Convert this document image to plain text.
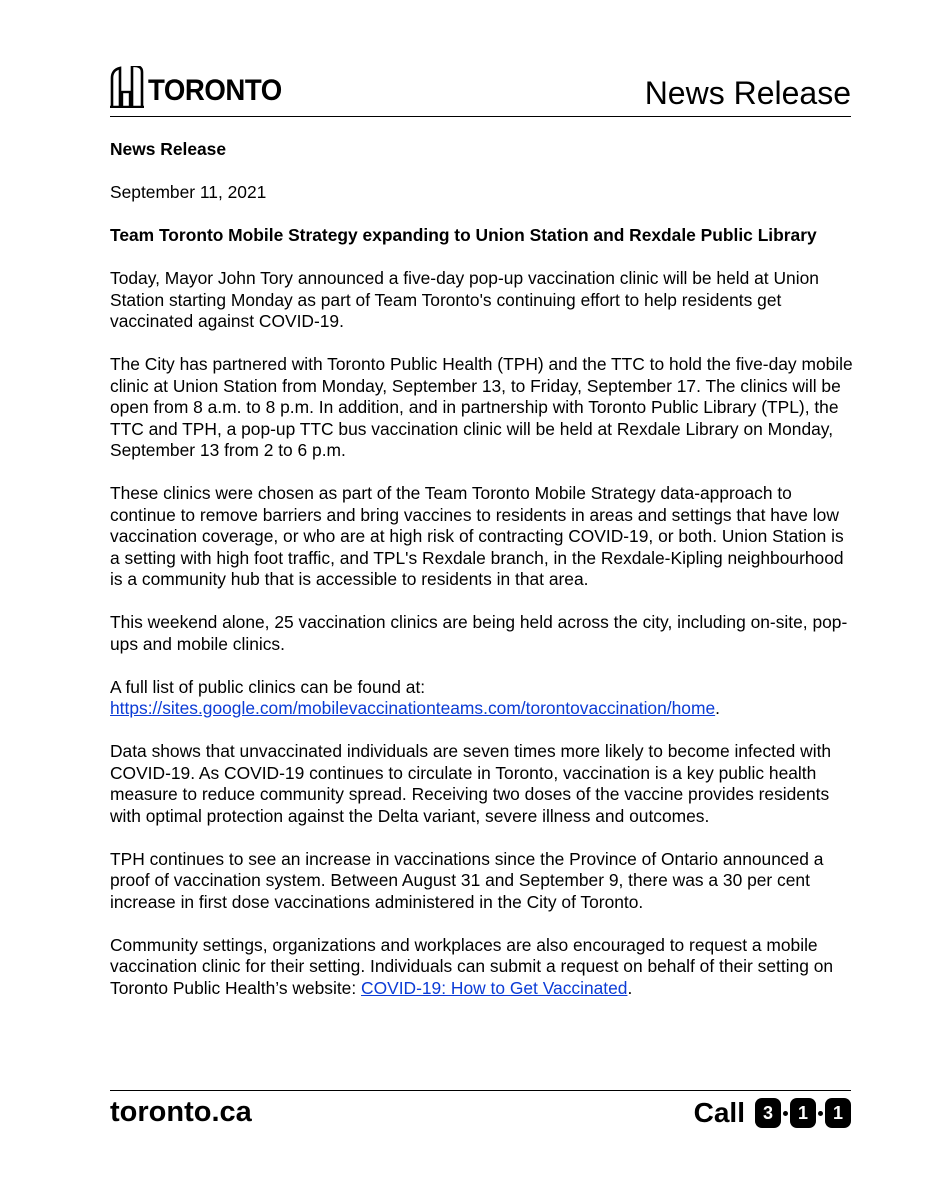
TORONTO	News Release

News Release

September 11, 2021

Team Toronto Mobile Strategy expanding to Union Station and Rexdale Public Library

Today, Mayor John Tory announced a five-day pop-up vaccination clinic will be held at Union Station starting Monday as part of Team Toronto's continuing effort to help residents get vaccinated against COVID-19.

The City has partnered with Toronto Public Health (TPH) and the TTC to hold the five-day mobile clinic at Union Station from Monday, September 13, to Friday, September 17. The clinics will be open from 8 a.m. to 8 p.m. In addition, and in partnership with Toronto Public Library (TPL), the TTC and TPH, a pop-up TTC bus vaccination clinic will be held at Rexdale Library on Monday, September 13 from 2 to 6 p.m.

These clinics were chosen as part of the Team Toronto Mobile Strategy data-approach to continue to remove barriers and bring vaccines to residents in areas and settings that have low vaccination coverage, or who are at high risk of contracting COVID-19, or both. Union Station is a setting with high foot traffic, and TPL's Rexdale branch, in the Rexdale-Kipling neighbourhood is a community hub that is accessible to residents in that area.

This weekend alone, 25 vaccination clinics are being held across the city, including on-site, pop-ups and mobile clinics.

A full list of public clinics can be found at:
https://sites.google.com/mobilevaccinationteams.com/torontovaccination/home.

Data shows that unvaccinated individuals are seven times more likely to become infected with COVID-19. As COVID-19 continues to circulate in Toronto, vaccination is a key public health measure to reduce community spread. Receiving two doses of the vaccine provides residents with optimal protection against the Delta variant, severe illness and outcomes.

TPH continues to see an increase in vaccinations since the Province of Ontario announced a proof of vaccination system. Between August 31 and September 9, there was a 30 per cent increase in first dose vaccinations administered in the City of Toronto.

Community settings, organizations and workplaces are also encouraged to request a mobile vaccination clinic for their setting. Individuals can submit a request on behalf of their setting on Toronto Public Health’s website: COVID-19: How to Get Vaccinated.

toronto.ca	Call 3	1	1
